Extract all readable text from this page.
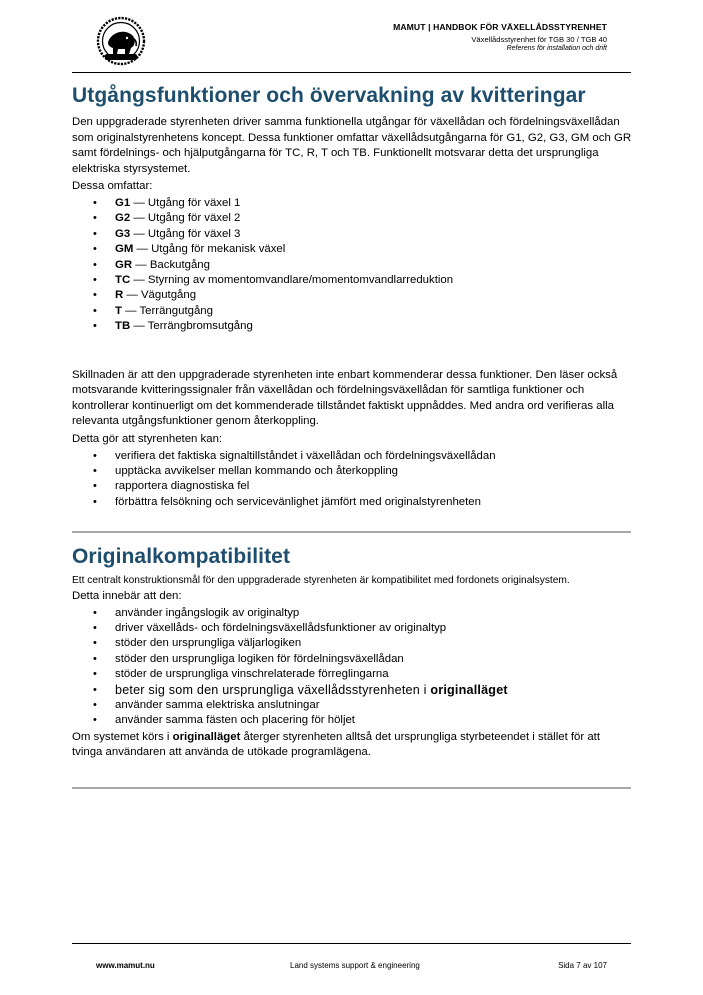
MAMUT | HANDBOK FÖR VÄXELLÅDSSTYRENHET
Växellådsstyrenhet för TGB 30 / TGB 40
Referens för installation och drift
Utgångsfunktioner och övervakning av kvitteringar

Den uppgraderade styrenheten driver samma funktionella utgångar för växellådan och fördelningsväxellådan som originalstyrenhetens koncept. Dessa funktioner omfattar växellådsutgångarna för G1, G2, G3, GM och GR samt fördelnings- och hjälputgångarna för TC, R, T och TB. Funktionellt motsvarar detta det ursprungliga elektriska styrsystemet.

Dessa omfattar:

• G1 — Utgång för växel 1
• G2 — Utgång för växel 2
• G3 — Utgång för växel 3
• GM — Utgång för mekanisk växel
• GR — Backutgång
• TC — Styrning av momentomvandlare/momentomvandlarreduktion
• R — Vägutgång
• T — Terrängutgång
• TB — Terrängbromsutgång

Skillnaden är att den uppgraderade styrenheten inte enbart kommenderar dessa funktioner. Den läser också motsvarande kvitteringssignaler från växellådan och fördelningsväxellådan för samtliga funktioner och kontrollerar kontinuerligt om det kommenderade tillståndet faktiskt uppnåddes. Med andra ord verifieras alla relevanta utgångsfunktioner genom återkoppling.

Detta gör att styrenheten kan:

• verifiera det faktiska signaltillståndet i växellådan och fördelningsväxellådan
• upptäcka avvikelser mellan kommando och återkoppling
• rapportera diagnostiska fel
• förbättra felsökning och servicevänlighet jämfört med originalstyrenheten
Originalkompatibilitet

Ett centralt konstruktionsmål för den uppgraderade styrenheten är kompatibilitet med fordonets originalsystem.

Detta innebär att den:

• använder ingångslogik av originaltyp
• driver växellåds- och fördelningsväxellådsfunktioner av originaltyp
• stöder den ursprungliga väljarlogiken
• stöder den ursprungliga logiken för fördelningsväxellådan
• stöder de ursprungliga vinschrelaterade förreglingarna
• beter sig som den ursprungliga växellådsstyrenheten i originalläget
• använder samma elektriska anslutningar
• använder samma fästen och placering för höljet

Om systemet körs i originalläget återger styrenheten alltså det ursprungliga styrbeteendet i stället för att tvinga användaren att använda de utökade programlägena.

www.mamut.nu	Land systems support & engineering	Sida 7 av 107
